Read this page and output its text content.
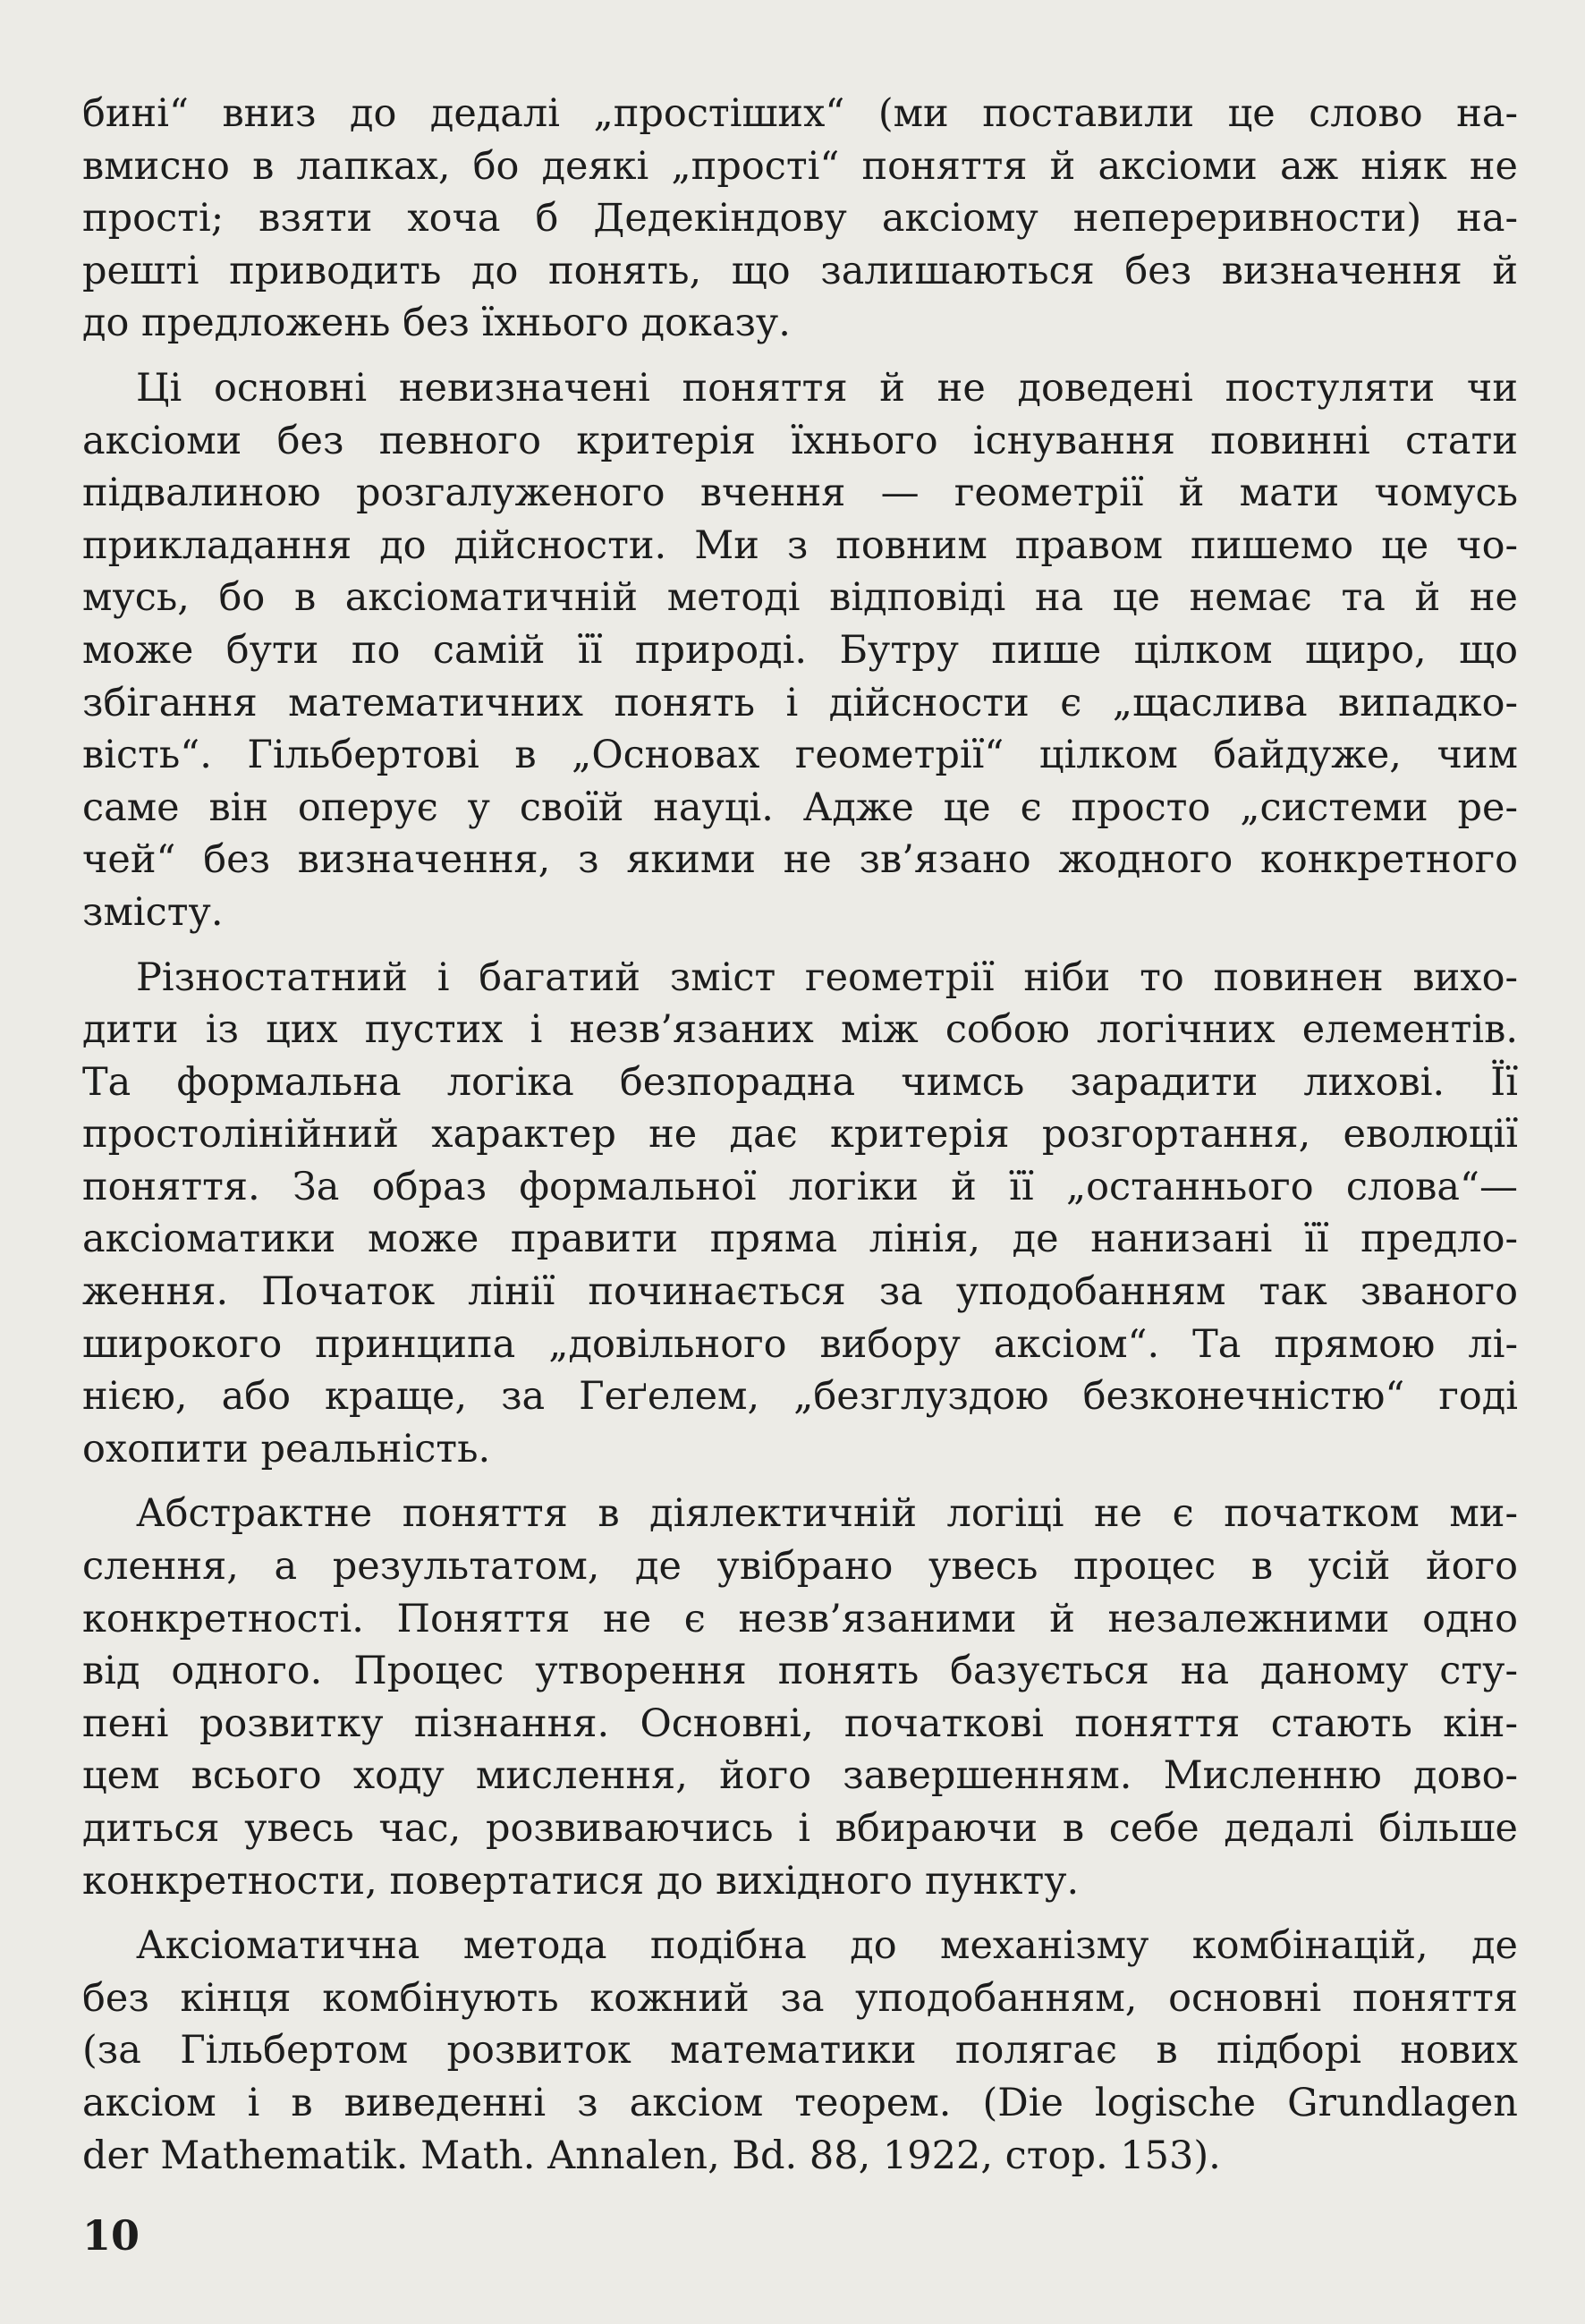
бині“ вниз до дедалі „простіших“ (ми поставили це слово на-
вмисно в лапках, бо деякі „прості“ поняття й аксіоми аж ніяк не
прості; взяти хоча б Дедекіндову аксіому непереривности) на-
решті приводить до понять, що залишаються без визначення й
до предложень без їхнього доказу.
Ці основні невизначені поняття й не доведені постуляти чи
аксіоми без певного критерія їхнього існування повинні стати
підвалиною розгалуженого вчення — геометрії й мати чомусь
прикладання до дійсности. Ми з повним правом пишемо це чо-
мусь, бо в аксіоматичній методі відповіді на це немає та й не
може бути по самій її природі. Бутру пише цілком щиро, що
збігання математичних понять і дійсности є „щаслива випадко-
вість“. Гільбертові в „Основах геометрії“ цілком байдуже, чим
саме він оперує у своїй науці. Адже це є просто „системи ре-
чей“ без визначення, з якими не зв’язано жодного конкретного
змісту.
Різностатний і багатий зміст геометрії ніби то повинен вихо-
дити із цих пустих і незв’язаних між собою логічних елементів.
Та формальна логіка безпорадна чимсь зарадити лихові. Її
простолінійний характер не дає критерія розгортання, еволюції
поняття. За образ формальної логіки й її „останнього слова“—
аксіоматики може правити пряма лінія, де нанизані її предло-
ження. Початок лінії починається за уподобанням так званого
широкого принципа „довільного вибору аксіом“. Та прямою лі-
нією, або краще, за Геґелем, „безглуздою безконечністю“ годі
охопити реальність.
Абстрактне поняття в діялектичній логіці не є початком ми-
слення, а результатом, де увібрано увесь процес в усій його
конкретності. Поняття не є незв’язаними й незалежними одно
від одного. Процес утворення понять базується на даному сту-
пені розвитку пізнання. Основні, початкові поняття стають кін-
цем всього ходу мислення, його завершенням. Мисленню дово-
диться увесь час, розвиваючись і вбираючи в себе дедалі більше
конкретности, повертатися до вихідного пункту.
Аксіоматична метода подібна до механізму комбінацій, де
без кінця комбінують кожний за уподобанням, основні поняття
(за Гільбертом розвиток математики полягає в підборі нових
аксіом і в виведенні з аксіом теорем. (Die logische Grundlagen
der Mathematik. Math. Annalen, Bd. 88, 1922, стор. 153).
10
